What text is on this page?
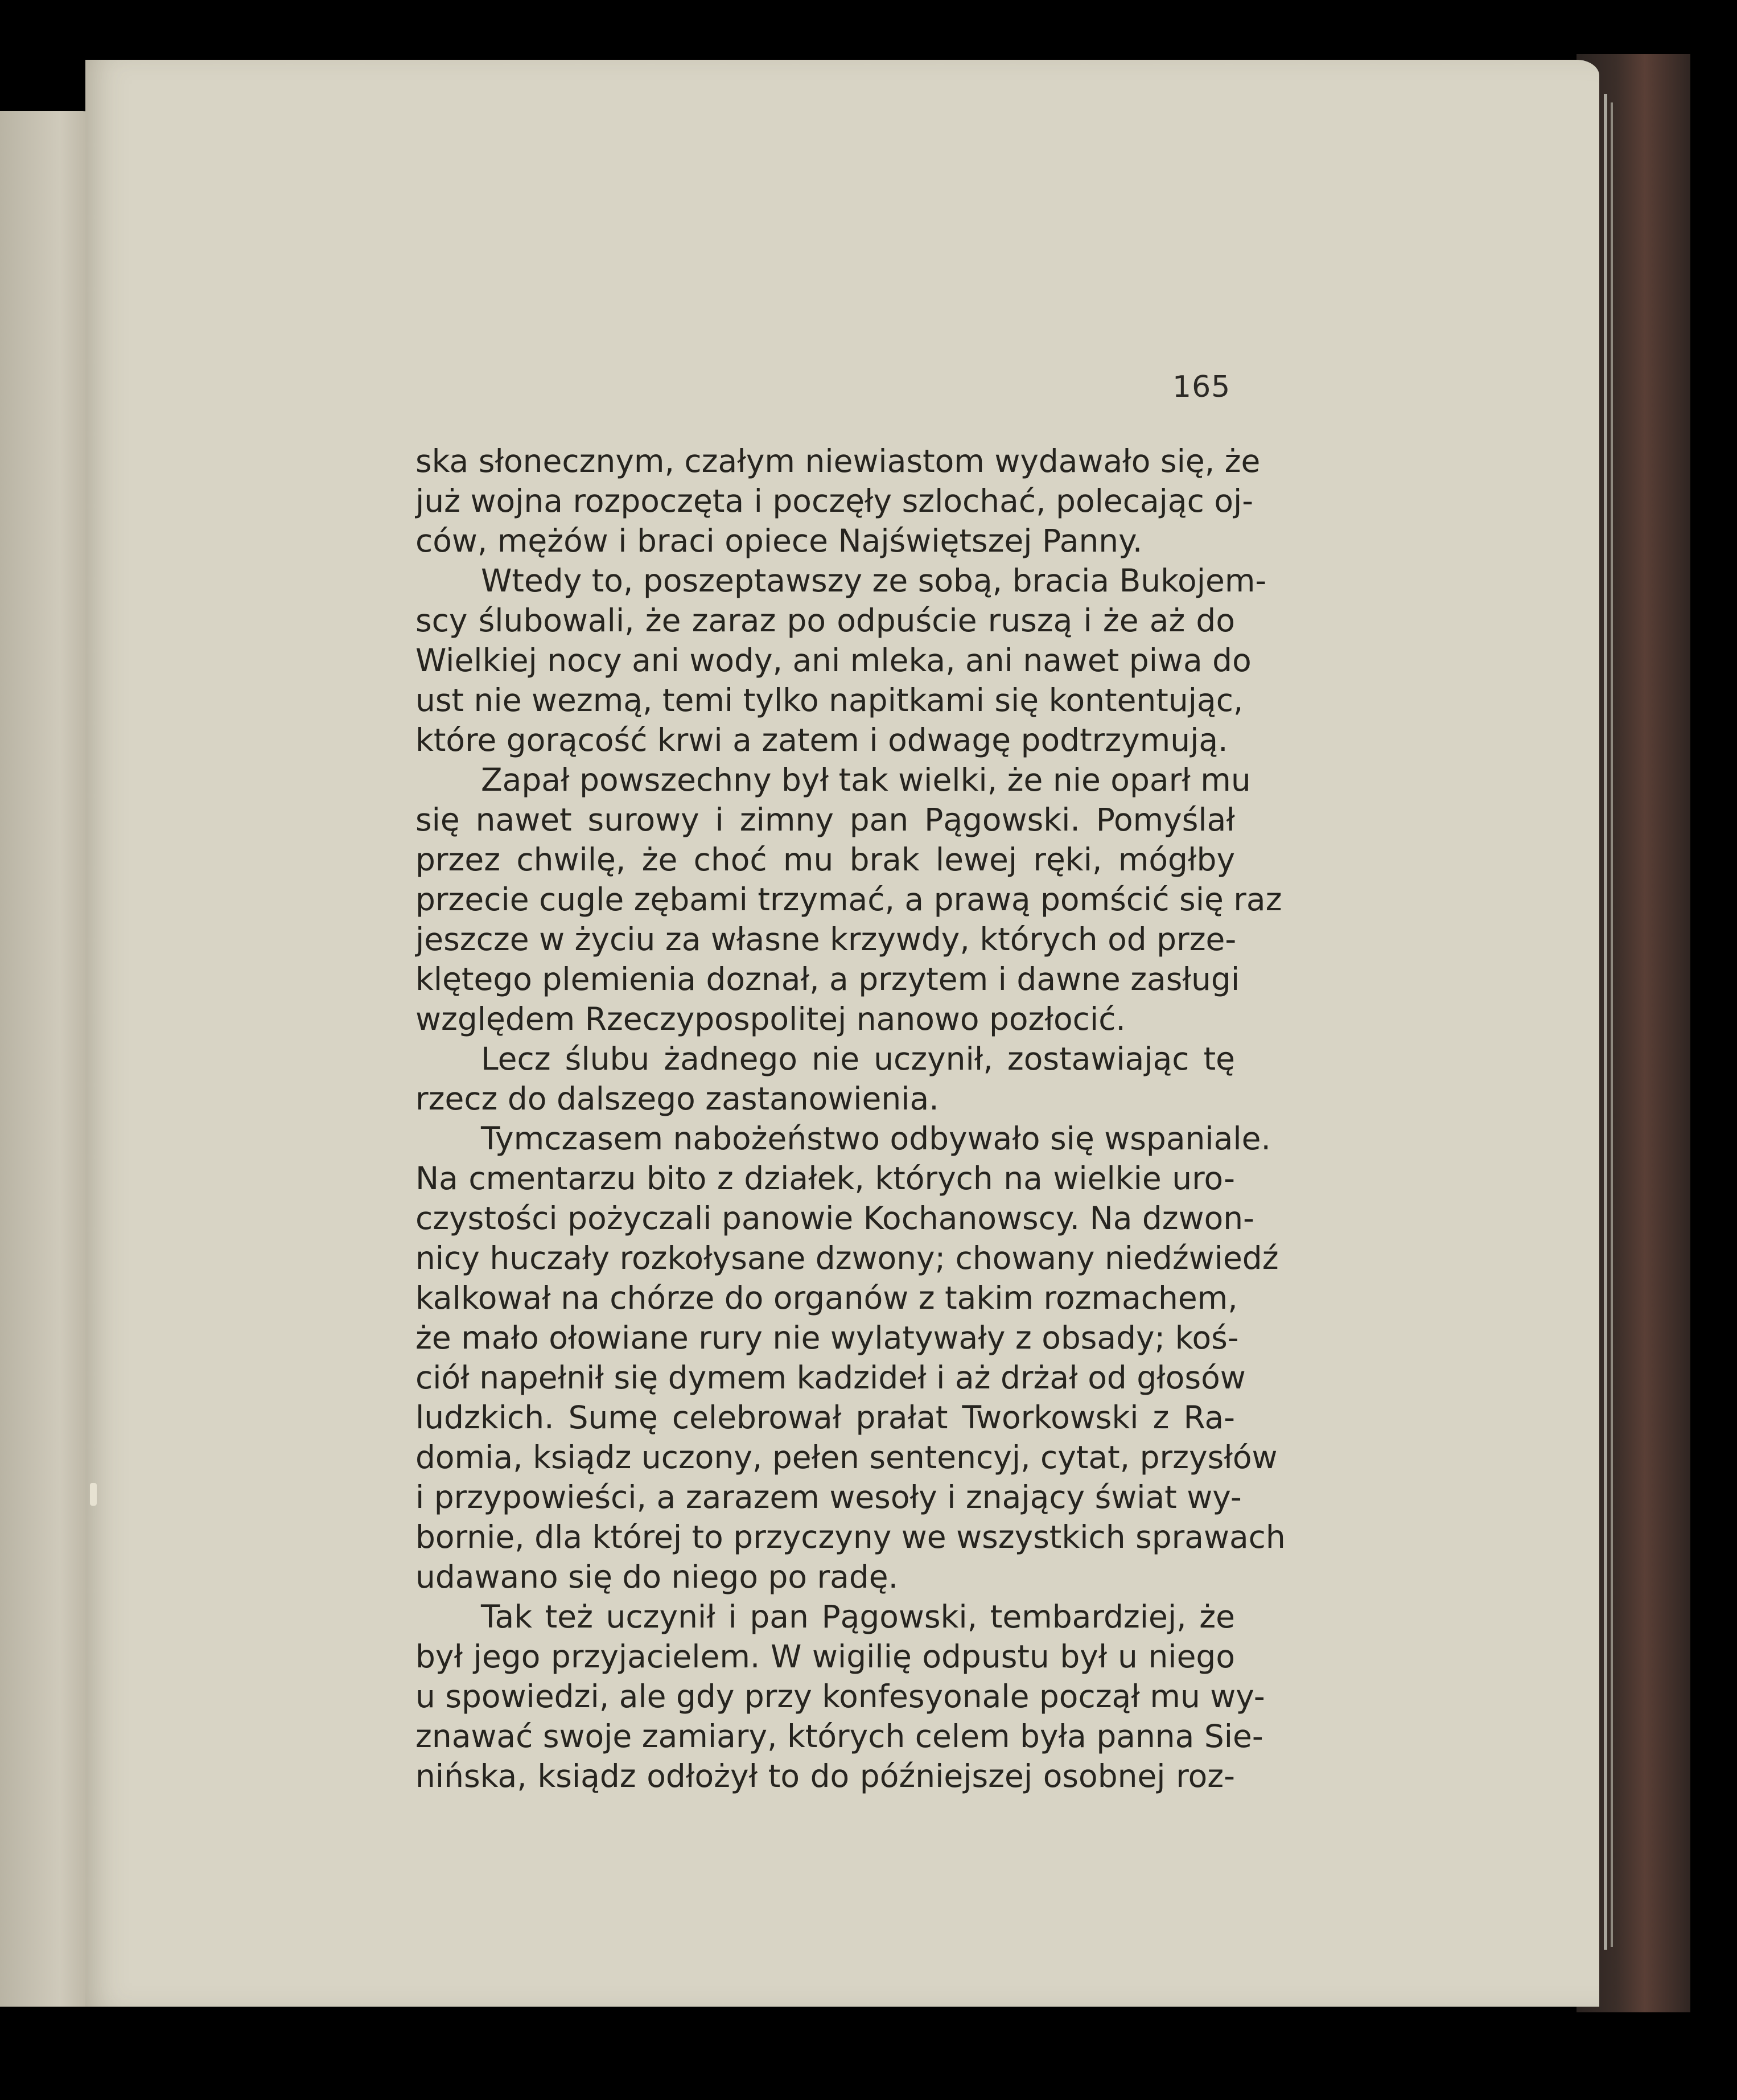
165
ska słonecznym, czałym niewiastom wydawało się, że
już wojna rozpoczęta i poczęły szlochać, polecając oj-
ców, mężów i braci opiece Najświętszej Panny.
Wtedy to, poszeptawszy ze sobą, bracia Bukojem-
scy ślubowali, że zaraz po odpuście ruszą i że aż do
Wielkiej nocy ani wody, ani mleka, ani nawet piwa do
ust nie wezmą, temi tylko napitkami się kontentując,
które gorącość krwi a zatem i odwagę podtrzymują.
Zapał powszechny był tak wielki, że nie oparł mu
się nawet surowy i zimny pan Pągowski. Pomyślał
przez chwilę, że choć mu brak lewej ręki, mógłby
przecie cugle zębami trzymać, a prawą pomścić się raz
jeszcze w życiu za własne krzywdy, których od prze-
klętego plemienia doznał, a przytem i dawne zasługi
względem Rzeczypospolitej nanowo pozłocić.
Lecz ślubu żadnego nie uczynił, zostawiając tę
rzecz do dalszego zastanowienia.
Tymczasem nabożeństwo odbywało się wspaniale.
Na cmentarzu bito z działek, których na wielkie uro-
czystości pożyczali panowie Kochanowscy. Na dzwon-
nicy huczały rozkołysane dzwony; chowany niedźwiedź
kalkował na chórze do organów z takim rozmachem,
że mało ołowiane rury nie wylatywały z obsady; koś-
ciół napełnił się dymem kadzideł i aż drżał od głosów
ludzkich. Sumę celebrował prałat Tworkowski z Ra-
domia, ksiądz uczony, pełen sentencyj, cytat, przysłów
i przypowieści, a zarazem wesoły i znający świat wy-
bornie, dla której to przyczyny we wszystkich sprawach
udawano się do niego po radę.
Tak też uczynił i pan Pągowski, tembardziej, że
był jego przyjacielem. W wigilię odpustu był u niego
u spowiedzi, ale gdy przy konfesyonale począł mu wy-
znawać swoje zamiary, których celem była panna Sie-
nińska, ksiądz odłożył to do późniejszej osobnej roz-
